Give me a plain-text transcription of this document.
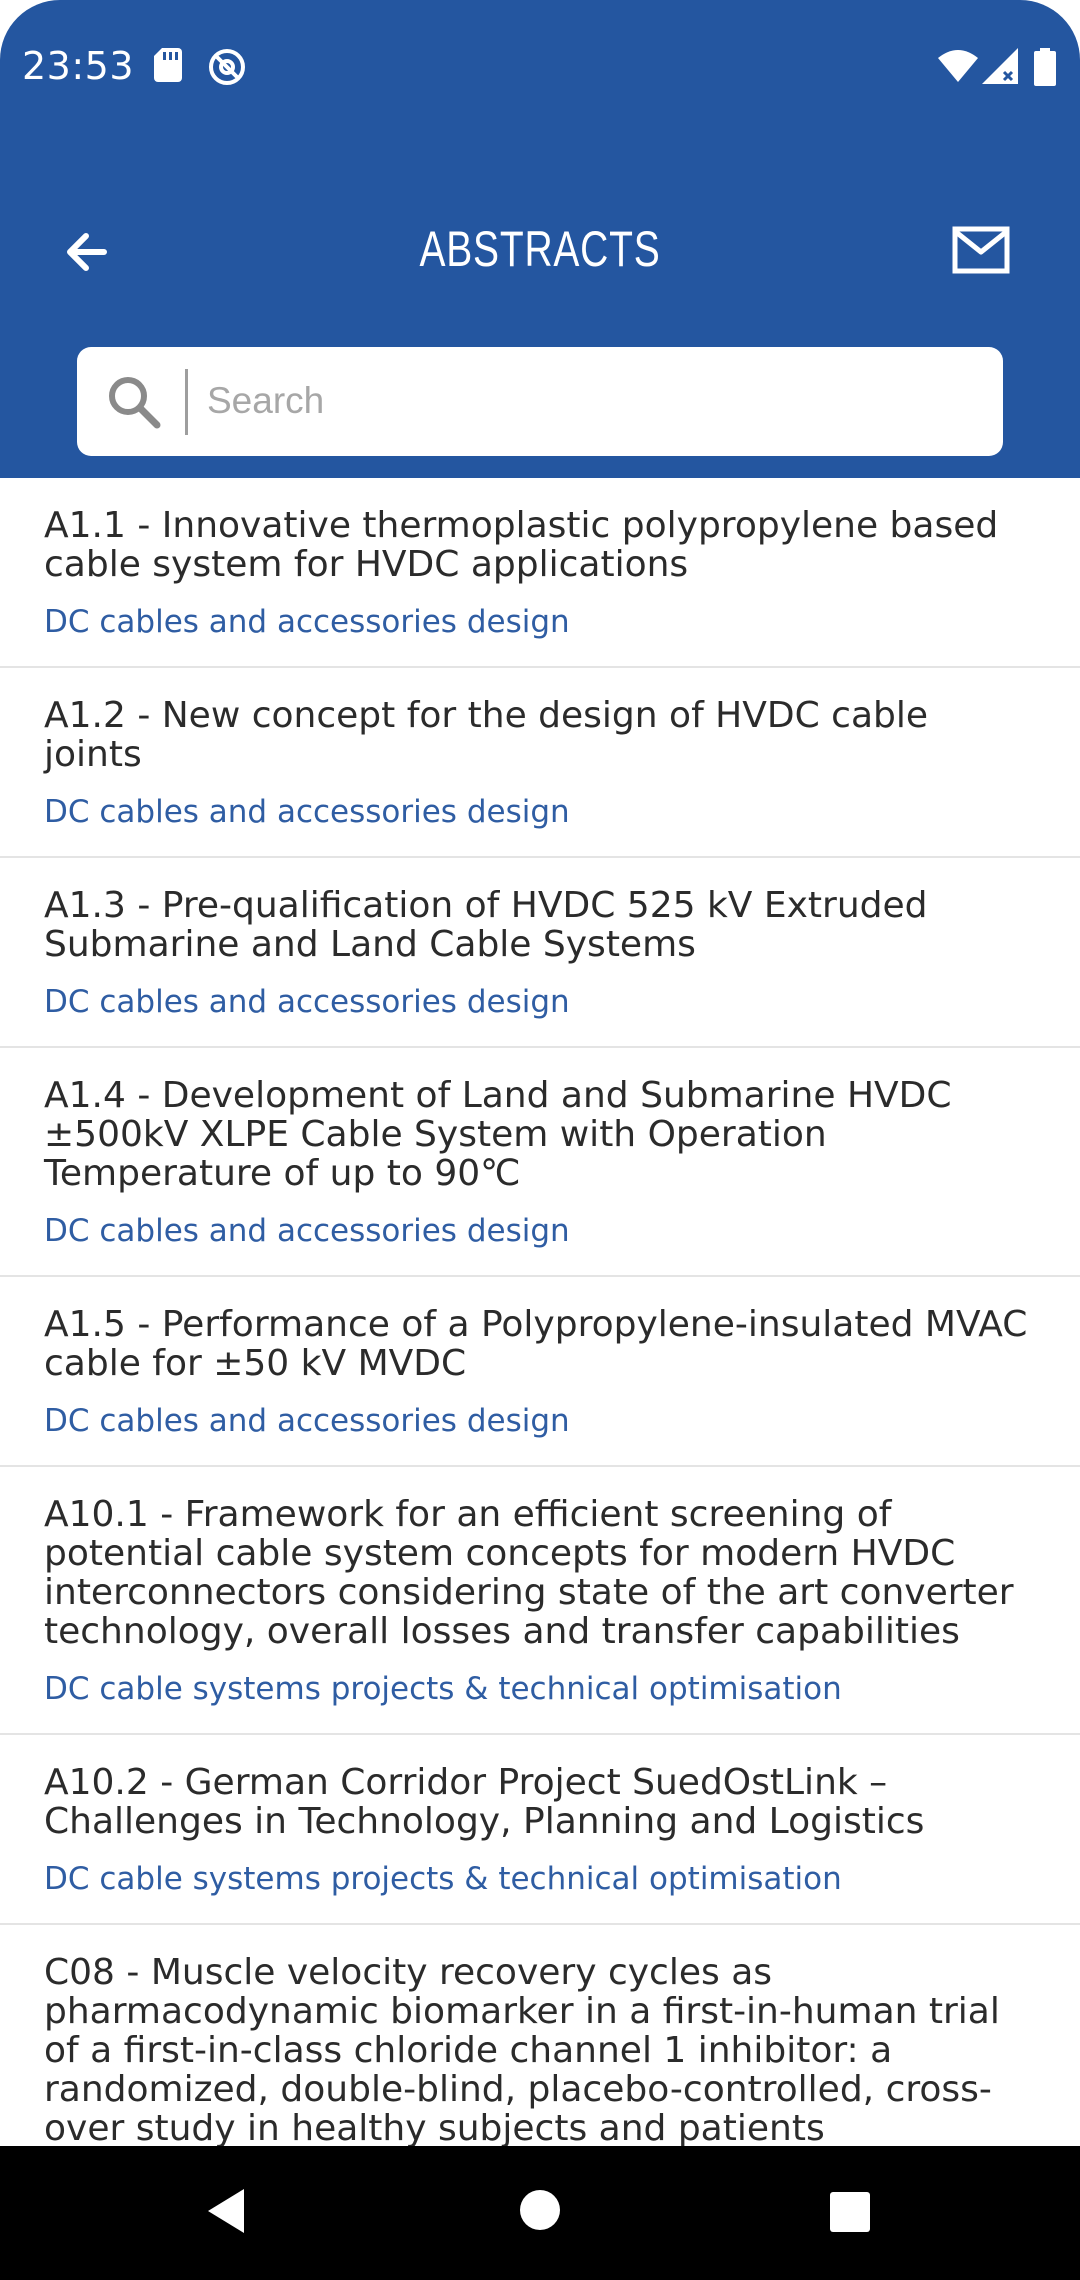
23:53
ABSTRACTS
Search
A1.1 - Innovative thermoplastic polypropylene based cable system for HVDC applications
DC cables and accessories design
A1.2 - New concept for the design of HVDC cable joints
DC cables and accessories design
A1.3 - Pre-qualification of HVDC 525 kV Extruded Submarine and Land Cable Systems
DC cables and accessories design
A1.4 - Development of Land and Submarine HVDC ±500kV XLPE Cable System with Operation Temperature of up to 90℃
DC cables and accessories design
A1.5 - Performance of a Polypropylene-insulated MVAC cable for ±50 kV MVDC
DC cables and accessories design
A10.1 - Framework for an efficient screening of potential cable system concepts for modern HVDC interconnectors considering state of the art converter technology, overall losses and transfer capabilities
DC cable systems projects & technical optimisation
A10.2 - German Corridor Project SuedOstLink – Challenges in Technology, Planning and Logistics
DC cable systems projects & technical optimisation
C08 - Muscle velocity recovery cycles as pharmacodynamic biomarker in a first-in-human trial of a first-in-class chloride channel 1 inhibitor: a randomized, double-blind, placebo-controlled, cross-over study in healthy subjects and patients
